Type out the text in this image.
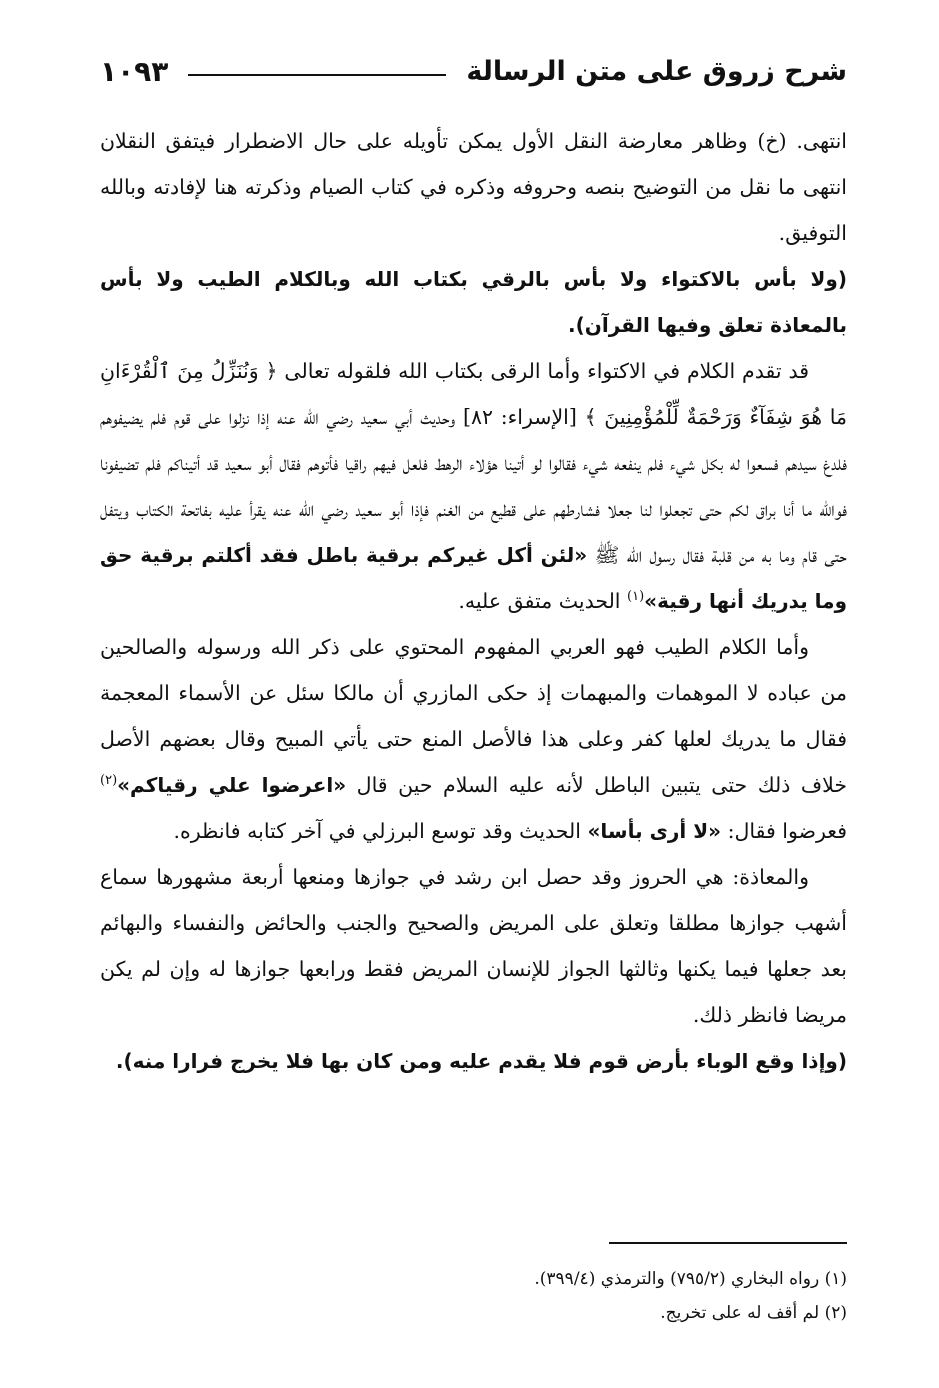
شرح زروق على متن الرسالة
١٠٩٣

انتهى. (خ) وظاهر معارضة النقل الأول يمكن تأويله على حال الاضطرار فيتفق النقلان انتهى ما نقل من التوضيح بنصه وحروفه وذكره في كتاب الصيام وذكرته هنا لإفادته وبالله التوفيق.

(ولا بأس بالاكتواء ولا بأس بالرقي بكتاب الله وبالكلام الطيب ولا بأس بالمعاذة تعلق وفيها القرآن).

قد تقدم الكلام في الاكتواء وأما الرقى بكتاب الله فلقوله تعالى ﴿ وَنُنَزِّلُ مِنَ ٱلْقُرْءَانِ مَا هُوَ شِفَآءٌ وَرَحْمَةٌ لِّلْمُؤْمِنِينَ ﴾ [الإسراء: ٨٢] وحديث أبي سعيد رضي الله عنه إذا نزلوا على قوم فلم يضيفوهم فلدغ سيدهم فسعوا له بكل شيء فلم ينفعه شيء فقالوا لو أتينا هؤلاء الرهط فلعل فيهم راقيا فأتوهم فقال أبو سعيد قد أتيناكم فلم تضيفونا فوالله ما أنا براق لكم حتى تجعلوا لنا جعلا فشارطهم على قطيع من الغنم فإذا أبو سعيد رضي الله عنه يقرأ عليه بفاتحة الكتاب ويتفل حتى قام وما به من قلبة فقال رسول الله ﷺ «لئن أكل غيركم برقية باطل فقد أكلتم برقية حق وما يدريك أنها رقية»$^{(١)}$ الحديث متفق عليه.

وأما الكلام الطيب فهو العربي المفهوم المحتوي على ذكر الله ورسوله والصالحين من عباده لا الموهمات والمبهمات إذ حكى المازري أن مالكا سئل عن الأسماء المعجمة فقال ما يدريك لعلها كفر وعلى هذا فالأصل المنع حتى يأتي المبيح وقال بعضهم الأصل خلاف ذلك حتى يتبين الباطل لأنه عليه السلام حين قال «اعرضوا علي رقياكم»$^{(٢)}$ فعرضوا فقال: «لا أرى بأسا» الحديث وقد توسع البرزلي في آخر كتابه فانظره.

والمعاذة: هي الحروز وقد حصل ابن رشد في جوازها ومنعها أربعة مشهورها سماع أشهب جوازها مطلقا وتعلق على المريض والصحيح والجنب والحائض والنفساء والبهائم بعد جعلها فيما يكنها وثالثها الجواز للإنسان المريض فقط ورابعها جوازها له وإن لم يكن مريضا فانظر ذلك.

(وإذا وقع الوباء بأرض قوم فلا يقدم عليه ومن كان بها فلا يخرج فرارا منه).

(١) رواه البخاري (٧٩٥/٢) والترمذي (٣٩٩/٤).

(٢) لم أقف له على تخريج.
